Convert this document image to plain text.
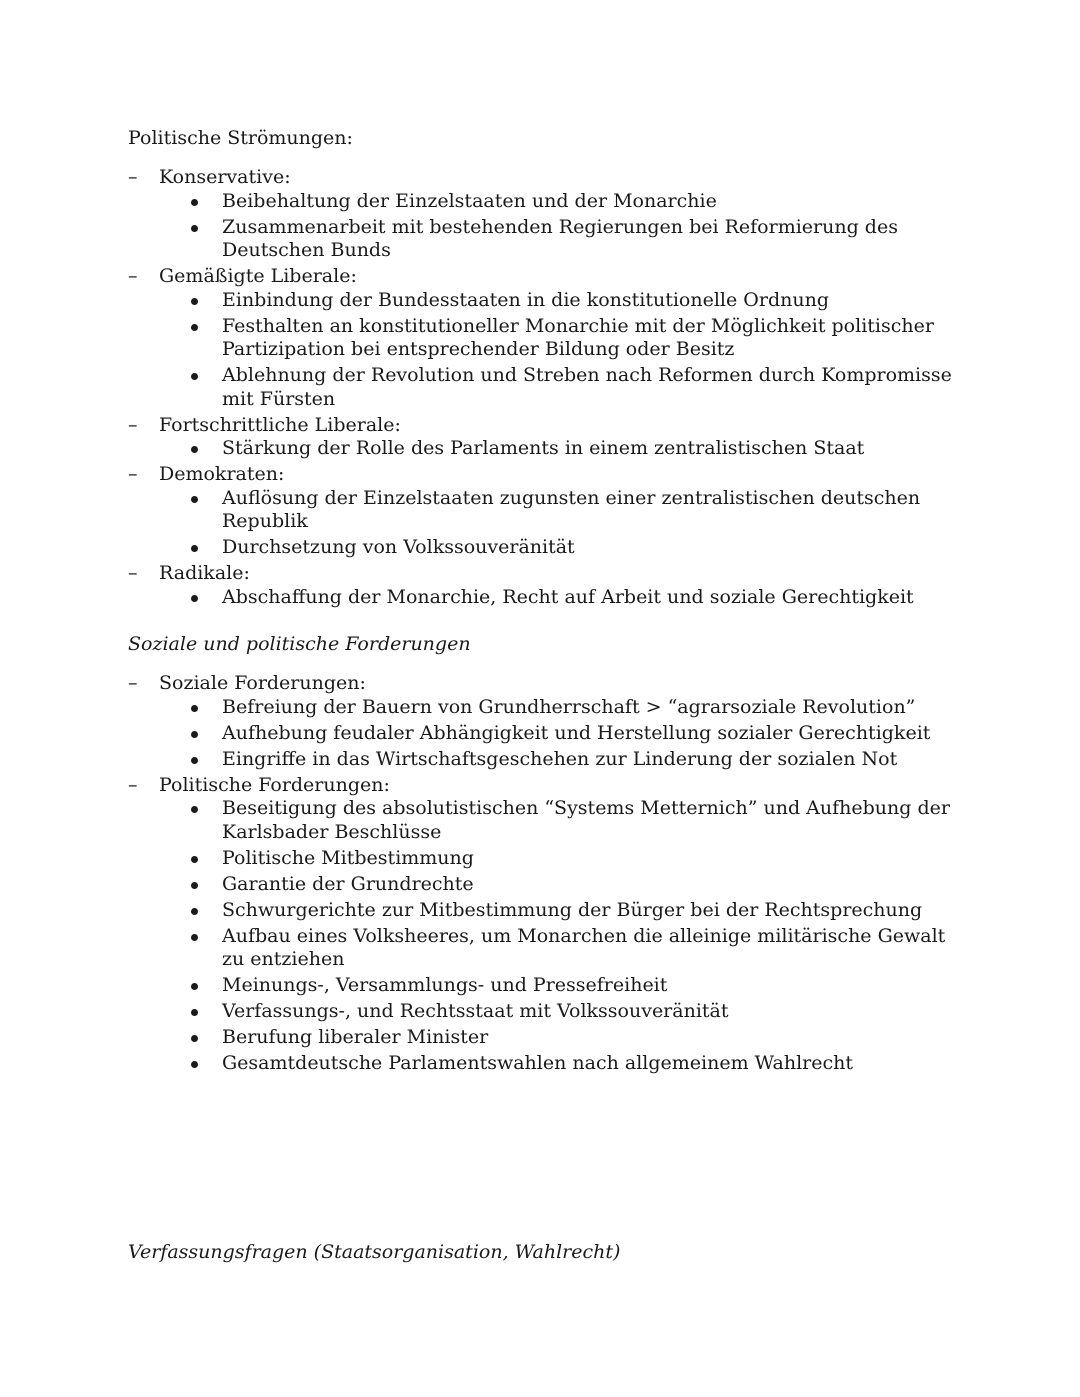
Politische Strömungen:
– Konservative:
Beibehaltung der Einzelstaaten und der Monarchie
Zusammenarbeit mit bestehenden Regierungen bei Reformierung des Deutschen Bunds
– Gemäßigte Liberale:
Einbindung der Bundesstaaten in die konstitutionelle Ordnung
Festhalten an konstitutioneller Monarchie mit der Möglichkeit politischer Partizipation bei entsprechender Bildung oder Besitz
Ablehnung der Revolution und Streben nach Reformen durch Kompromisse mit Fürsten
– Fortschrittliche Liberale:
Stärkung der Rolle des Parlaments in einem zentralistischen Staat
– Demokraten:
Auflösung der Einzelstaaten zugunsten einer zentralistischen deutschen Republik
Durchsetzung von Volkssouveränität
– Radikale:
Abschaffung der Monarchie, Recht auf Arbeit und soziale Gerechtigkeit
Soziale und politische Forderungen
– Soziale Forderungen:
Befreiung der Bauern von Grundherrschaft > “agrarsoziale Revolution”
Aufhebung feudaler Abhängigkeit und Herstellung sozialer Gerechtigkeit
Eingriffe in das Wirtschaftsgeschehen zur Linderung der sozialen Not
– Politische Forderungen:
Beseitigung des absolutistischen “Systems Metternich” und Aufhebung der Karlsbader Beschlüsse
Politische Mitbestimmung
Garantie der Grundrechte
Schwurgerichte zur Mitbestimmung der Bürger bei der Rechtsprechung
Aufbau eines Volksheeres, um Monarchen die alleinige militärische Gewalt zu entziehen
Meinungs-, Versammlungs- und Pressefreiheit
Verfassungs-, und Rechtsstaat mit Volkssouveränität
Berufung liberaler Minister
Gesamtdeutsche Parlamentswahlen nach allgemeinem Wahlrecht
Verfassungsfragen (Staatsorganisation, Wahlrecht)
